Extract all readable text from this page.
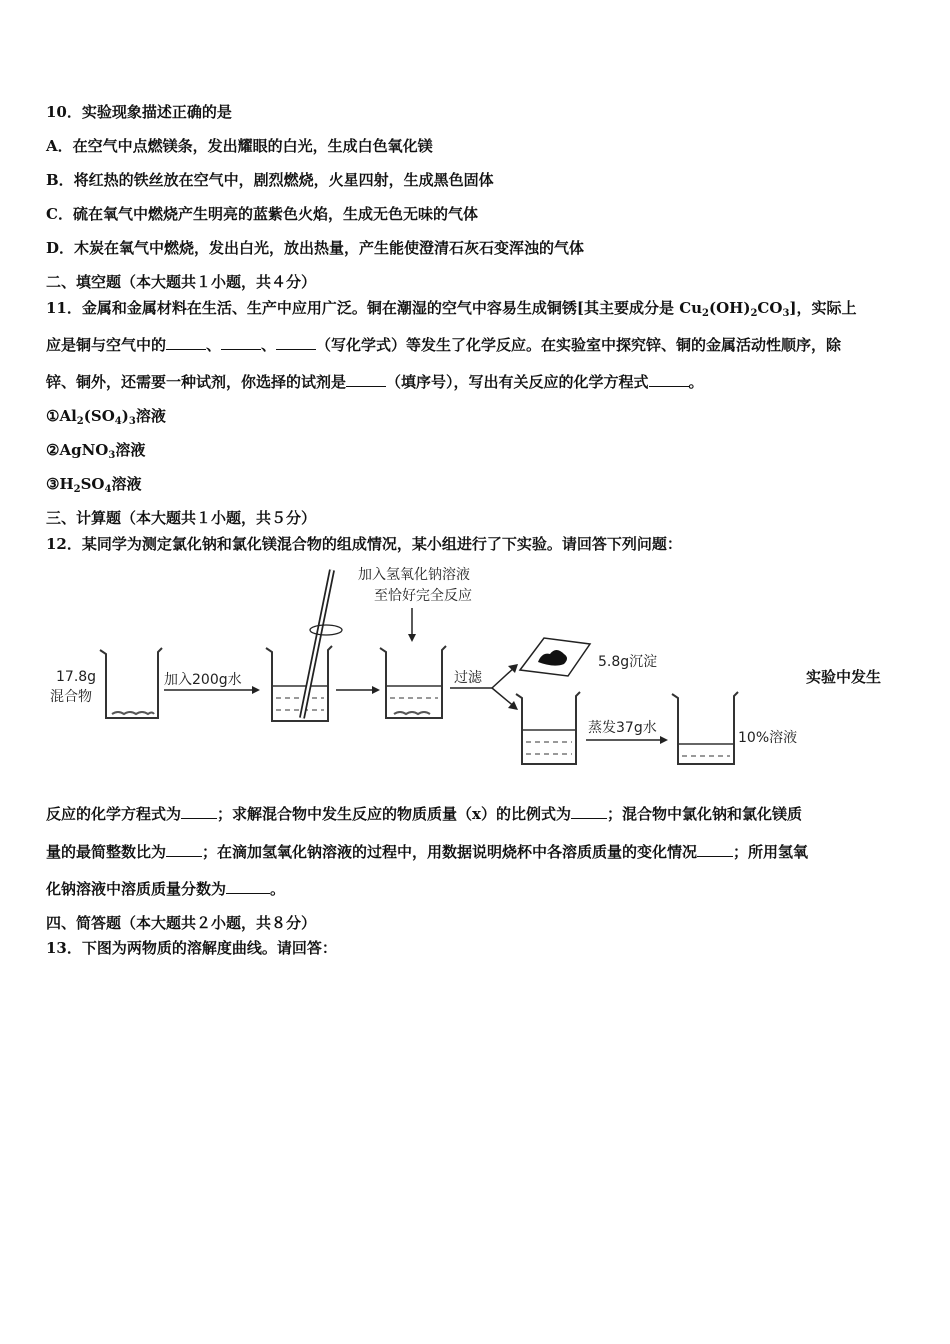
10．实验现象描述正确的是
A．在空气中点燃镁条，发出耀眼的白光，生成白色氧化镁
B．将红热的铁丝放在空气中，剧烈燃烧，火星四射，生成黑色固体
C．硫在氧气中燃烧产生明亮的蓝紫色火焰，生成无色无味的气体
D．木炭在氧气中燃烧，发出白光，放出热量，产生能使澄清石灰石变浑浊的气体
二、填空题（本大题共１小题，共４分）
11．金属和金属材料在生活、生产中应用广泛。铜在潮湿的空气中容易生成铜锈[其主要成分是 $Cu_2(OH)_2CO_3$]，实际上
应是铜与空气中的	、	、	（写化学式）等发生了化学反应。在实验室中探究锌、铜的金属活动性顺序，除
锌、铜外，还需要一种试剂，你选择的试剂是	（填序号），写出有关反应的化学方程式	。
$①Al_2(SO_4)_3$溶液
②AgNO$_3$溶液
$③H_2SO_4$溶液
三、计算题（本大题共１小题，共５分）
12．某同学为测定氯化钠和氯化镁混合物的组成情况，某小组进行了下实验。请回答下列问题：
17.8g
混合物
加入200g水
加入氢氧化钠溶液
至恰好完全反应
过滤
5.8g沉淀
蒸发37g水
10%溶液
实验中发生
反应的化学方程式为 ；求解混合物中发生反应的物质质量（x）的比例式为 ；混合物中氯化钠和氯化镁质
量的最简整数比为 ；在滴加氢氧化钠溶液的过程中，用数据说明烧杯中各溶质质量的变化情况 ；所用氢氧
化钠溶液中溶质质量分数为	。
四、简答题（本大题共２小题，共８分）
13．下图为两物质的溶解度曲线。请回答：
